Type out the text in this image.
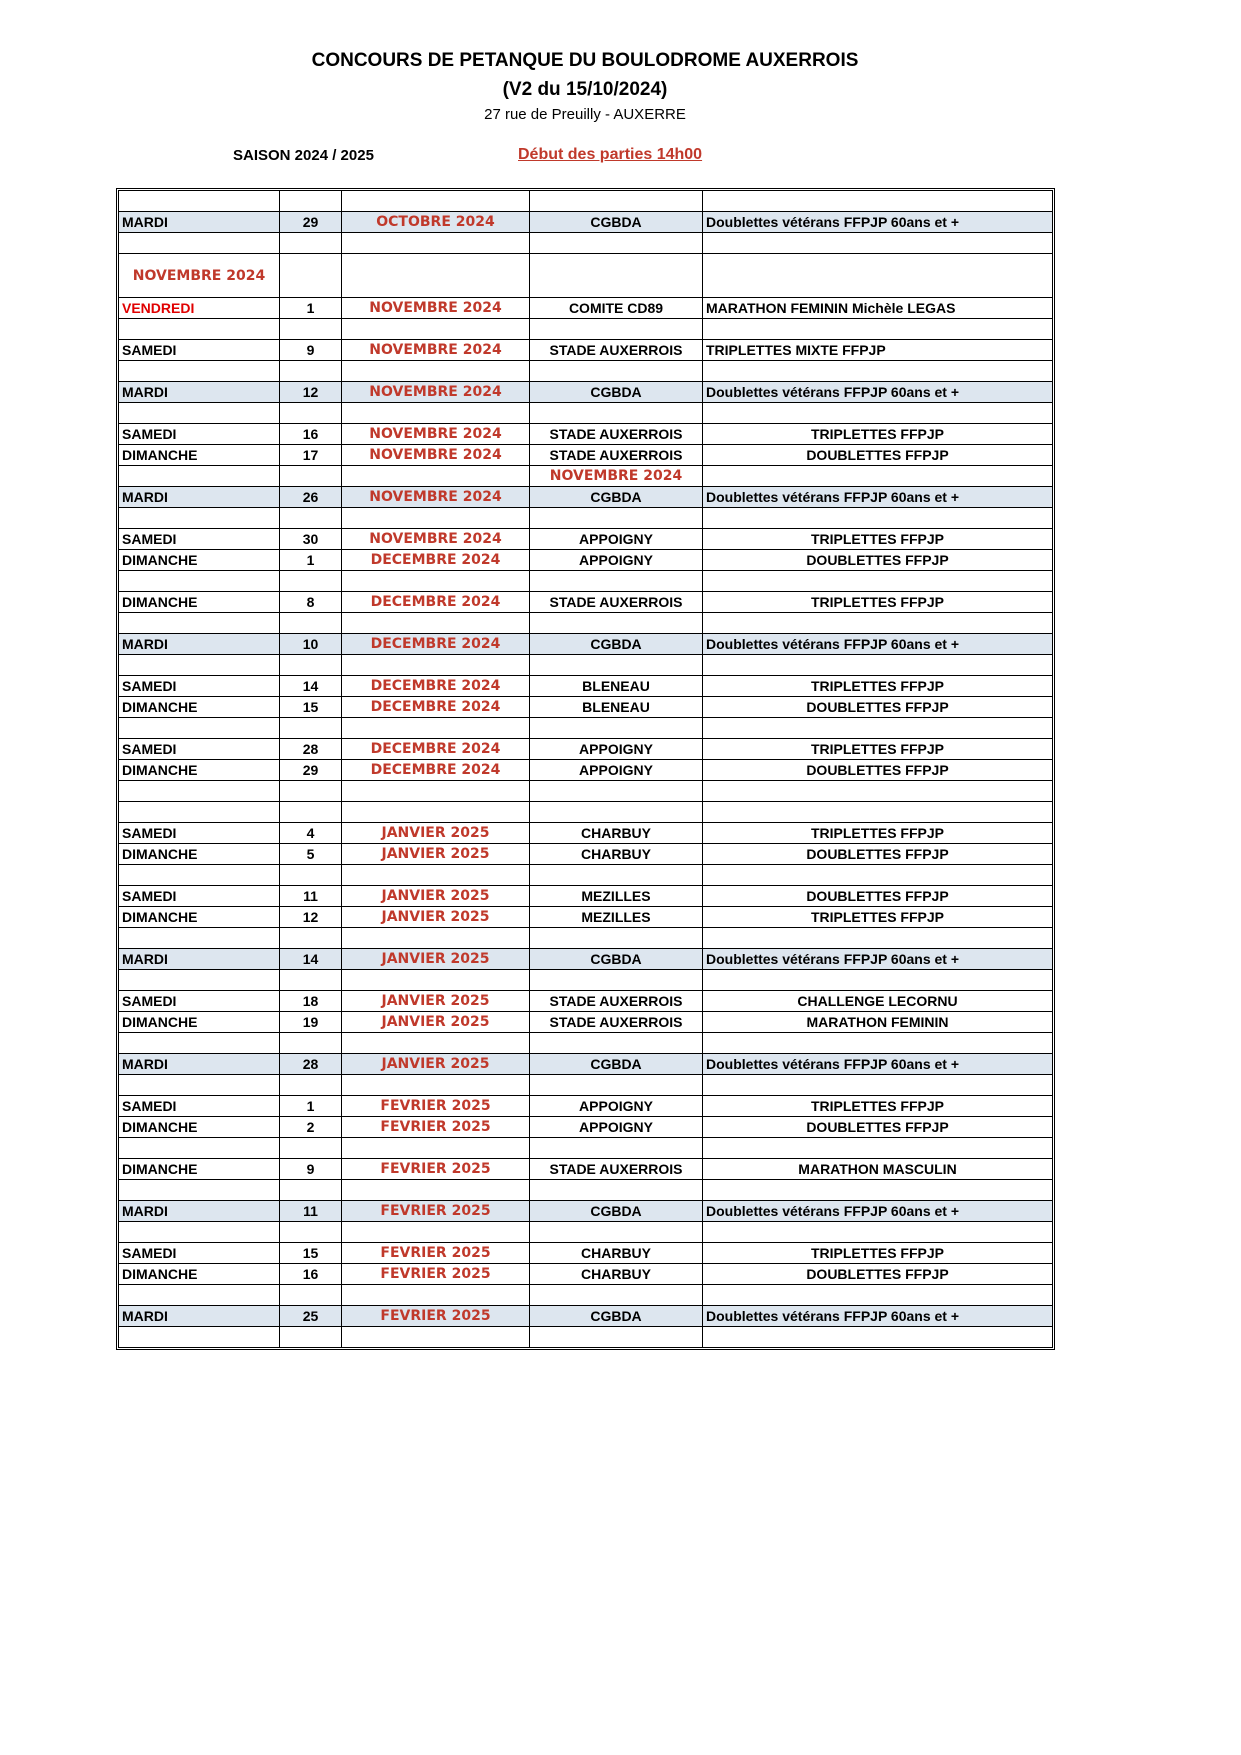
CONCOURS DE PETANQUE DU BOULODROME AUXERROIS
(V2 du 15/10/2024)
27 rue de Preuilly - AUXERRE
SAISON 2024 / 2025	Début des parties 14h00

MARDI	29	OCTOBRE 2024	CGBDA	Doublettes vétérans FFPJP 60ans et +

NOVEMBRE 2024				
VENDREDI	1	NOVEMBRE 2024	COMITE CD89	MARATHON FEMININ Michèle LEGAS

SAMEDI	9	NOVEMBRE 2024	STADE AUXERROIS	TRIPLETTES MIXTE FFPJP

MARDI	12	NOVEMBRE 2024	CGBDA	Doublettes vétérans FFPJP 60ans et +

SAMEDI	16	NOVEMBRE 2024	STADE AUXERROIS	TRIPLETTES FFPJP
DIMANCHE	17	NOVEMBRE 2024	STADE AUXERROIS	DOUBLETTES FFPJP
			NOVEMBRE 2024	
MARDI	26	NOVEMBRE 2024	CGBDA	Doublettes vétérans FFPJP 60ans et +

SAMEDI	30	NOVEMBRE 2024	APPOIGNY	TRIPLETTES FFPJP
DIMANCHE	1	DECEMBRE 2024	APPOIGNY	DOUBLETTES FFPJP

DIMANCHE	8	DECEMBRE 2024	STADE AUXERROIS	TRIPLETTES FFPJP

MARDI	10	DECEMBRE 2024	CGBDA	Doublettes vétérans FFPJP 60ans et +

SAMEDI	14	DECEMBRE 2024	BLENEAU	TRIPLETTES FFPJP
DIMANCHE	15	DECEMBRE 2024	BLENEAU	DOUBLETTES FFPJP

SAMEDI	28	DECEMBRE 2024	APPOIGNY	TRIPLETTES FFPJP
DIMANCHE	29	DECEMBRE 2024	APPOIGNY	DOUBLETTES FFPJP

SAMEDI	4	JANVIER 2025	CHARBUY	TRIPLETTES FFPJP
DIMANCHE	5	JANVIER 2025	CHARBUY	DOUBLETTES FFPJP

SAMEDI	11	JANVIER 2025	MEZILLES	DOUBLETTES FFPJP
DIMANCHE	12	JANVIER 2025	MEZILLES	TRIPLETTES FFPJP

MARDI	14	JANVIER 2025	CGBDA	Doublettes vétérans FFPJP 60ans et +

SAMEDI	18	JANVIER 2025	STADE AUXERROIS	CHALLENGE LECORNU
DIMANCHE	19	JANVIER 2025	STADE AUXERROIS	MARATHON FEMININ

MARDI	28	JANVIER 2025	CGBDA	Doublettes vétérans FFPJP 60ans et +

SAMEDI	1	FEVRIER 2025	APPOIGNY	TRIPLETTES FFPJP
DIMANCHE	2	FEVRIER 2025	APPOIGNY	DOUBLETTES FFPJP

DIMANCHE	9	FEVRIER 2025	STADE AUXERROIS	MARATHON MASCULIN

MARDI	11	FEVRIER 2025	CGBDA	Doublettes vétérans FFPJP 60ans et +

SAMEDI	15	FEVRIER 2025	CHARBUY	TRIPLETTES FFPJP
DIMANCHE	16	FEVRIER 2025	CHARBUY	DOUBLETTES FFPJP

MARDI	25	FEVRIER 2025	CGBDA	Doublettes vétérans FFPJP 60ans et +
